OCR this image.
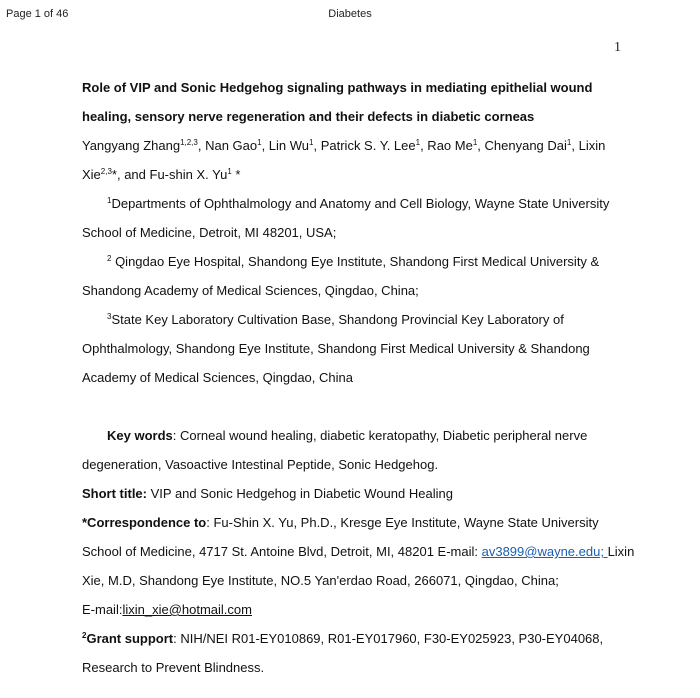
Page 1 of 46	Diabetes
1
Role of VIP and Sonic Hedgehog signaling pathways in mediating epithelial wound
healing, sensory nerve regeneration and their defects in diabetic corneas
Yangyang Zhang$^{1,2,3}$, Nan Gao$^1$, Lin Wu$^1$, Patrick S. Y. Lee$^1$, Rao Me$^1$, Chenyang Dai$^1$, Lixin
Xie$^{2,3}$*, and Fu-shin X. Yu$^1$ *
$^1$Departments of Ophthalmology and Anatomy and Cell Biology, Wayne State University
School of Medicine, Detroit, MI 48201, USA;
$^2$ Qingdao Eye Hospital, Shandong Eye Institute, Shandong First Medical University &
Shandong Academy of Medical Sciences, Qingdao, China;
$^3$State Key Laboratory Cultivation Base, Shandong Provincial Key Laboratory of
Ophthalmology, Shandong Eye Institute, Shandong First Medical University & Shandong
Academy of Medical Sciences, Qingdao, China
Key words: Corneal wound healing, diabetic keratopathy, Diabetic peripheral nerve
degeneration, Vasoactive Intestinal Peptide, Sonic Hedgehog.
Short title: VIP and Sonic Hedgehog in Diabetic Wound Healing
*Correspondence to: Fu-Shin X. Yu, Ph.D., Kresge Eye Institute, Wayne State University
School of Medicine, 4717 St. Antoine Blvd, Detroit, MI, 48201 E-mail: av3899@wayne.edu; Lixin
Xie, M.D, Shandong Eye Institute, NO.5 Yan'erdao Road, 266071, Qingdao, China;
E-mail:lixin_xie@hotmail.com
$^2$Grant support: NIH/NEI R01-EY010869, R01-EY017960, F30-EY025923, P30-EY04068,
Research to Prevent Blindness.
